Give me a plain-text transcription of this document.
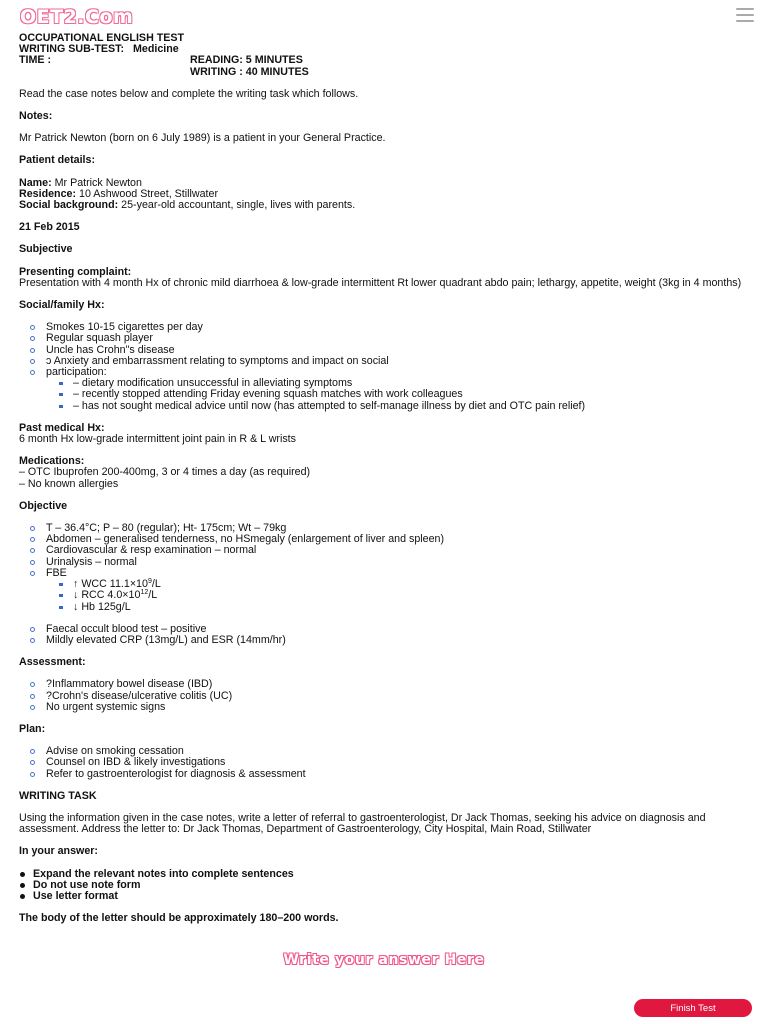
OET2.Com
OCCUPATIONAL ENGLISH TEST
WRITING SUB-TEST:   Medicine
TIME :	READING: 5 MINUTES
WRITING : 40 MINUTES
Read the case notes below and complete the writing task which follows.
Notes:
Mr Patrick Newton (born on 6 July 1989) is a patient in your General Practice.
Patient details:
Name: Mr Patrick Newton
Residence: 10 Ashwood Street, Stillwater
Social background: 25-year-old accountant, single, lives with parents.
21 Feb 2015
Subjective
Presenting complaint:
Presentation with 4 month Hx of chronic mild diarrhoea & low-grade intermittent Rt lower quadrant abdo pain; lethargy, appetite, weight (3kg in 4 months)
Social/family Hx:
Smokes 10-15 cigarettes per day
Regular squash player
Uncle has Crohn"s disease
ↄ Anxiety and embarrassment relating to symptoms and impact on social
participation:
– dietary modification unsuccessful in alleviating symptoms
– recently stopped attending Friday evening squash matches with work colleagues
– has not sought medical advice until now (has attempted to self-manage illness by diet and OTC pain relief)
Past medical Hx:
6 month Hx low-grade intermittent joint pain in R & L wrists
Medications:
– OTC Ibuprofen 200-400mg, 3 or 4 times a day (as required)
– No known allergies
Objective
T – 36.4°C; P – 80 (regular); Ht- 175cm; Wt – 79kg
Abdomen – generalised tenderness, no HSmegaly (enlargement of liver and spleen)
Cardiovascular & resp examination – normal
Urinalysis – normal
FBE
↑ WCC $11.1\times 10^9/L$
↓ RCC $4.0\times 10^{12}/L$
↓ Hb 125g/L
Faecal occult blood test – positive
Mildly elevated CRP (13mg/L) and ESR (14mm/hr)
Assessment:
?Inflammatory bowel disease (IBD)
?Crohn's disease/ulcerative colitis (UC)
No urgent systemic signs
Plan:
Advise on smoking cessation
Counsel on IBD & likely investigations
Refer to gastroenterologist for diagnosis & assessment
WRITING TASK
Using the information given in the case notes, write a letter of referral to gastroenterologist, Dr Jack Thomas, seeking his advice on diagnosis and assessment. Address the letter to: Dr Jack Thomas, Department of Gastroenterology, City Hospital, Main Road, Stillwater
In your answer:
Expand the relevant notes into complete sentences
Do not use note form
Use letter format
The body of the letter should be approximately 180–200 words.
Write your answer Here
Finish Test
